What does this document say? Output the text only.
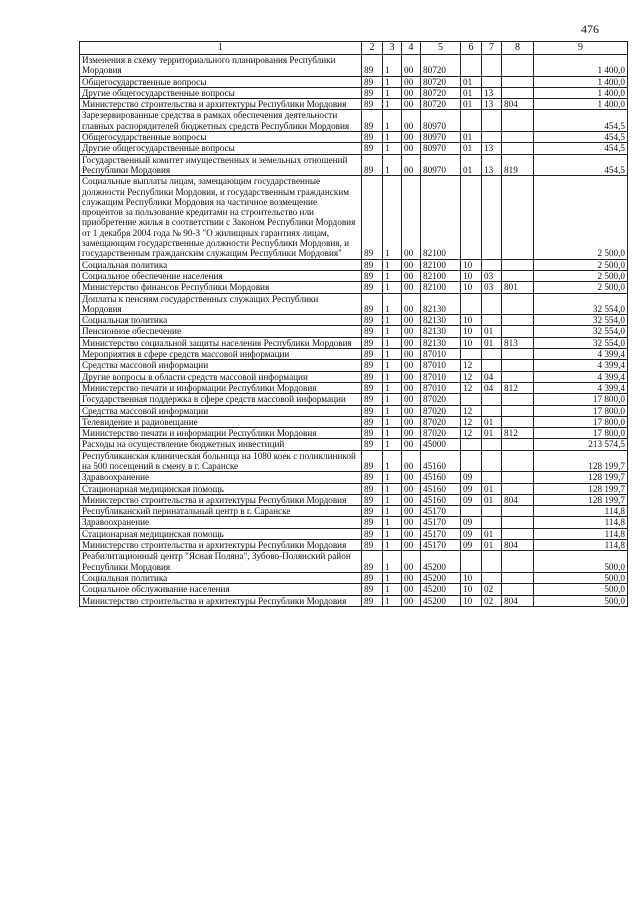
476
1	2	3	4	5	6	7	8	9
Изменения в схему территориального планирования Республики Мордовия	89	1	00	80720				1 400,0
Общегосударственные вопросы	89	1	00	80720	01			1 400,0
Другие общегосударственные вопросы	89	1	00	80720	01	13		1 400,0
Министерство строительства и архитектуры Республики Мордовия	89	1	00	80720	01	13	804	1 400,0
Зарезервированные средства в рамках обеспечения деятельности главных распорядителей бюджетных средств Республики Мордовия	89	1	00	80970				454,5
Общегосударственные вопросы	89	1	00	80970	01			454,5
Другие общегосударственные вопросы	89	1	00	80970	01	13		454,5
Государственный комитет имущественных и земельных отношений Республики Мордовия	89	1	00	80970	01	13	819	454,5
Социальные выплаты лицам, замещающим государственные должности Республики Мордовия, и государственным гражданским служащим Республики Мордовия на частичное возмещение процентов за пользование кредитами на строительство или приобретение жилья в соответствии с Законом Республики Мордовия от 1 декабря 2004 года № 90-З "О жилищных гарантиях лицам, замещающим государственные должности Республики Мордовия, и государственным гражданским служащим Республики Мордовия"	89	1	00	82100				2 500,0
Социальная политика	89	1	00	82100	10			2 500,0
Социальное обеспечение населения	89	1	00	82100	10	03		2 500,0
Министерство финансов Республики Мордовия	89	1	00	82100	10	03	801	2 500,0
Доплаты к пенсиям государственных служащих Республики Мордовия	89	1	00	82130				32 554,0
Социальная политика	89	1	00	82130	10			32 554,0
Пенсионное обеспечение	89	1	00	82130	10	01		32 554,0
Министерство социальной защиты населения Республики Мордовия	89	1	00	82130	10	01	813	32 554,0
Мероприятия в сфере средств массовой информации	89	1	00	87010				4 399,4
Средства массовой информации	89	1	00	87010	12			4 399,4
Другие вопросы в области средств массовой информации	89	1	00	87010	12	04		4 399,4
Министерство печати и информации Республики Мордовия	89	1	00	87010	12	04	812	4 399,4
Государственная поддержка в сфере средств массовой информации	89	1	00	87020				17 800,0
Средства массовой информации	89	1	00	87020	12			17 800,0
Телевидение и радиовещание	89	1	00	87020	12	01		17 800,0
Министерство печати и информации Республики Мордовия	89	1	00	87020	12	01	812	17 800,0
Расходы на осуществление бюджетных инвестиций	89	1	00	45000				213 574,5
Республиканская клиническая больница на 1080 коек с поликлиникой на 500 посещений в смену в г. Саранске	89	1	00	45160				128 199,7
Здравоохранение	89	1	00	45160	09			128 199,7
Стационарная медицинская помощь	89	1	00	45160	09	01		128 199,7
Министерство строительства и архитектуры Республики Мордовия	89	1	00	45160	09	01	804	128 199,7
Республиканский перинатальный центр в г. Саранске	89	1	00	45170				114,8
Здравоохранение	89	1	00	45170	09			114,8
Стационарная медицинская помощь	89	1	00	45170	09	01		114,8
Министерство строительства и архитектуры Республики Мордовия	89	1	00	45170	09	01	804	114,8
Реабилитационный центр "Ясная Поляна", Зубово-Полянский район Республики Мордовия	89	1	00	45200				500,0
Социальная политика	89	1	00	45200	10			500,0
Социальное обслуживание населения	89	1	00	45200	10	02		500,0
Министерство строительства и архитектуры Республики Мордовия	89	1	00	45200	10	02	804	500,0
